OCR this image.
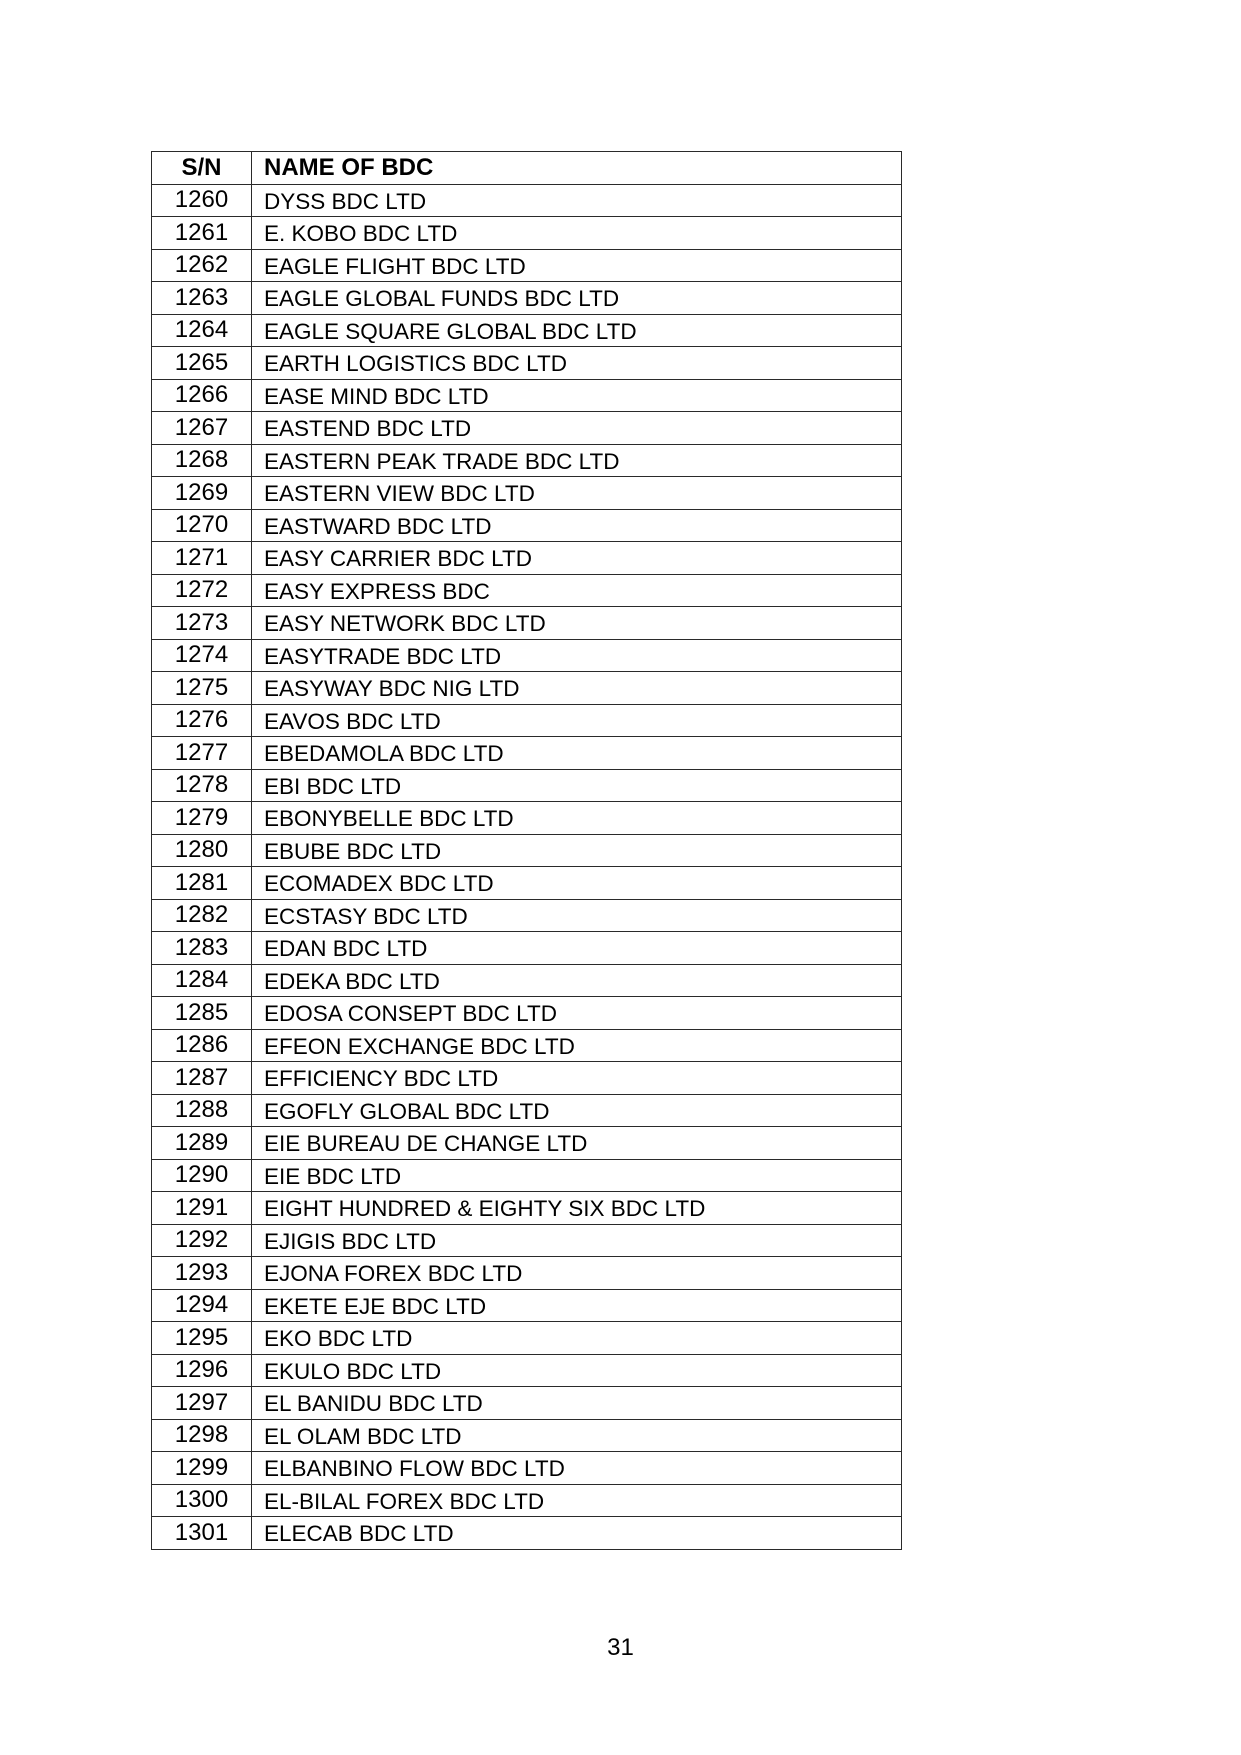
S/N	NAME OF BDC
1260	DYSS BDC LTD
1261	E. KOBO BDC LTD
1262	EAGLE FLIGHT BDC LTD
1263	EAGLE GLOBAL FUNDS BDC LTD
1264	EAGLE SQUARE GLOBAL BDC LTD
1265	EARTH LOGISTICS BDC LTD
1266	EASE MIND BDC LTD
1267	EASTEND BDC LTD
1268	EASTERN PEAK TRADE BDC LTD
1269	EASTERN VIEW BDC LTD
1270	EASTWARD BDC LTD
1271	EASY CARRIER BDC LTD
1272	EASY EXPRESS BDC
1273	EASY NETWORK BDC LTD
1274	EASYTRADE BDC LTD
1275	EASYWAY BDC NIG LTD
1276	EAVOS BDC LTD
1277	EBEDAMOLA BDC LTD
1278	EBI BDC LTD
1279	EBONYBELLE BDC LTD
1280	EBUBE BDC LTD
1281	ECOMADEX BDC LTD
1282	ECSTASY BDC LTD
1283	EDAN BDC LTD
1284	EDEKA BDC LTD
1285	EDOSA CONSEPT BDC LTD
1286	EFEON EXCHANGE BDC LTD
1287	EFFICIENCY BDC LTD
1288	EGOFLY GLOBAL BDC LTD
1289	EIE BUREAU DE CHANGE LTD
1290	EIE BDC LTD
1291	EIGHT HUNDRED & EIGHTY SIX BDC LTD
1292	EJIGIS BDC LTD
1293	EJONA FOREX BDC LTD
1294	EKETE EJE BDC LTD
1295	EKO BDC LTD
1296	EKULO BDC LTD
1297	EL BANIDU BDC LTD
1298	EL OLAM BDC LTD
1299	ELBANBINO FLOW BDC LTD
1300	EL-BILAL FOREX BDC LTD
1301	ELECAB BDC LTD
31
